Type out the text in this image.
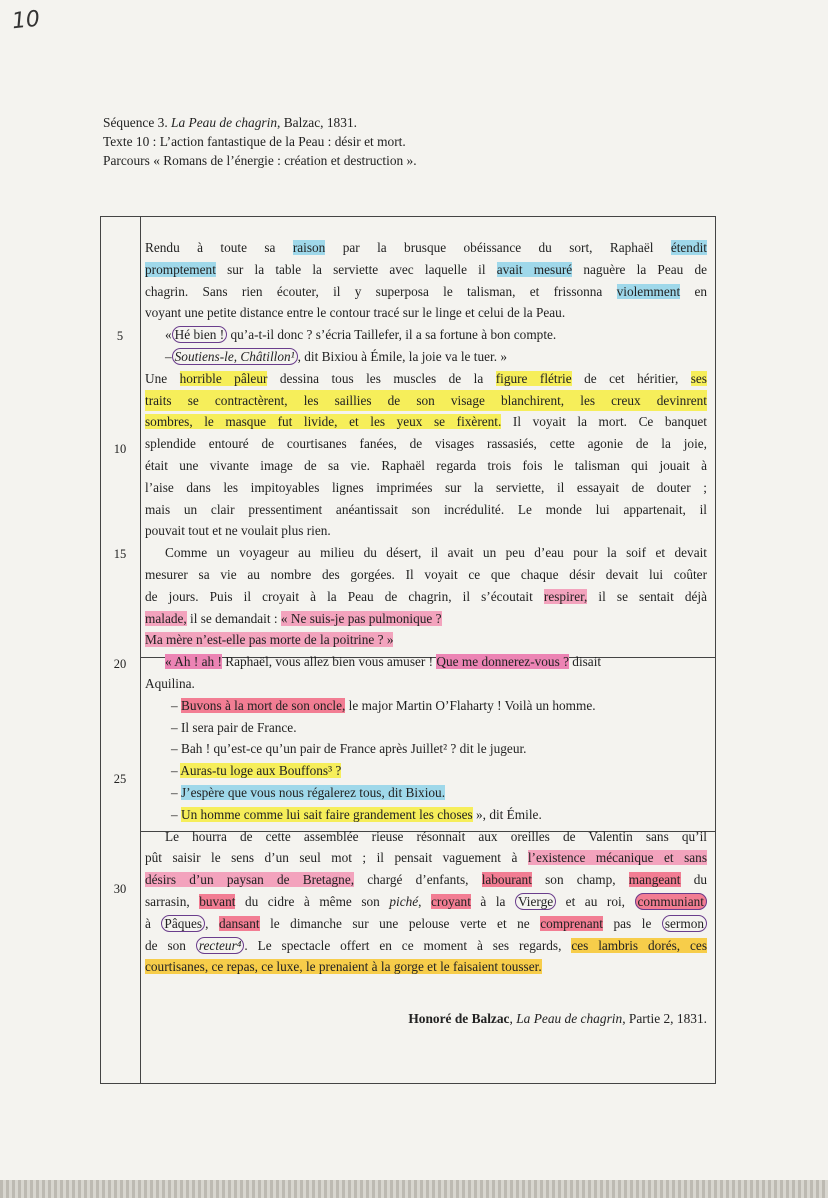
10
Séquence 3. La Peau de chagrin, Balzac, 1831.
Texte 10 : L’action fantastique de la Peau : désir et mort.
Parcours « Romans de l’énergie : création et destruction ».
5
10
15
20
25
30
Rendu à toute sa raison par la brusque obéissance du sort, Raphaël étendit
promptement sur la table la serviette avec laquelle il avait mesuré naguère la Peau de
chagrin. Sans rien écouter, il y superposa le talisman, et frissonna violemment en
voyant une petite distance entre le contour tracé sur le linge et celui de la Peau.
« Hé bien ! qu’a-t-il donc ? s’écria Taillefer, il a sa fortune à bon compte.
– Soutiens-le, Châtillon¹ , dit Bixiou à Émile, la joie va le tuer. »
Une horrible pâleur dessina tous les muscles de la figure flétrie de cet héritier, ses
traits se contractèrent, les saillies de son visage blanchirent, les creux devinrent
sombres, le masque fut livide, et les yeux se fixèrent. Il voyait la mort. Ce banquet
splendide entouré de courtisanes fanées, de visages rassasiés, cette agonie de la joie,
était une vivante image de sa vie. Raphaël regarda trois fois le talisman qui jouait à
l’aise dans les impitoyables lignes imprimées sur la serviette, il essayait de douter ;
mais un clair pressentiment anéantissait son incrédulité. Le monde lui appartenait, il
pouvait tout et ne voulait plus rien.
Comme un voyageur au milieu du désert, il avait un peu d’eau pour la soif et devait
mesurer sa vie au nombre des gorgées. Il voyait ce que chaque désir devait lui coûter
de jours. Puis il croyait à la Peau de chagrin, il s’écoutait respirer, il se sentait déjà
malade, il se demandait : « Ne suis-je pas pulmonique ?
Ma mère n’est-elle pas morte de la poitrine ? »
« Ah ! ah ! Raphaël, vous allez bien vous amuser ! Que me donnerez-vous ? disait
Aquilina.
– Buvons à la mort de son oncle, le major Martin O’Flaharty ! Voilà un homme.
– Il sera pair de France.
– Bah ! qu’est-ce qu’un pair de France après Juillet² ? dit le jugeur.
– Auras-tu loge aux Bouffons³ ?
– J’espère que vous nous régalerez tous, dit Bixiou.
– Un homme comme lui sait faire grandement les choses », dit Émile.
Le hourra de cette assemblée rieuse résonnait aux oreilles de Valentin sans qu’il
pût saisir le sens d’un seul mot ; il pensait vaguement à l’existence mécanique et sans
désirs d’un paysan de Bretagne, chargé d’enfants, labourant son champ, mangeant du
sarrasin, buvant du cidre à même son piché, croyant à la Vierge et au roi, communiant
à Pâques , dansant le dimanche sur une pelouse verte et ne comprenant pas le sermon
de son recteur⁴ . Le spectacle offert en ce moment à ses regards, ces lambris dorés, ces
courtisanes, ce repas, ce luxe, le prenaient à la gorge et le faisaient tousser.
Honoré de Balzac, La Peau de chagrin, Partie 2, 1831.
